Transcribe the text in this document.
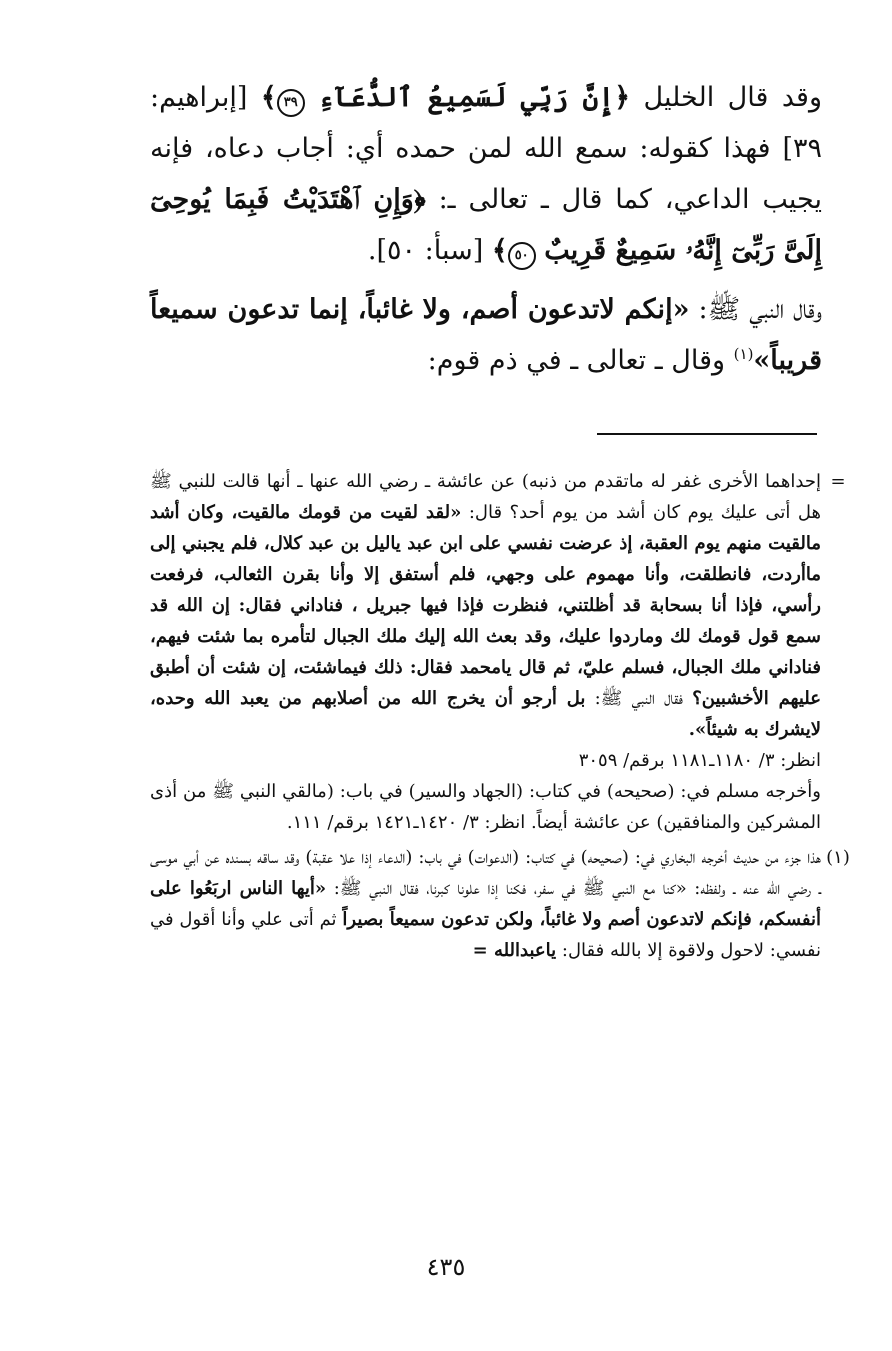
وقد قال الخليل ﴿إِنَّ رَبِّي لَسَمِيعُ ٱلدُّعَآءِ ٣٩﴾ [إبراهيم: ٣٩] فهذا كقوله: سمع الله لمن حمده أي: أجاب دعاه، فإنه يجيب الداعي، كما قال ـ تعالى ـ: ﴿وَإِنِ ٱهْتَدَيْتُ فَبِمَا يُوحِىٓ إِلَىَّ رَبِّىٓ إِنَّهُۥ سَمِيعٌ قَرِيبٌ ٥٠﴾ [سبأ: ٥٠].

وقال النبي ﷺ: «إنكم لاتدعون أصم، ولا غائباً، إنما تدعون سميعاً قريباً»$^{(١)}$ وقال ـ تعالى ـ في ذم قوم:

=

إحداهما الأخرى غفر له ماتقدم من ذنبه) عن عائشة ـ رضي الله عنها ـ أنها قالت للنبي ﷺ هل أتى عليك يوم كان أشد من يوم أحد؟ قال: «لقد لقيت من قومك مالقيت، وكان أشد مالقيت منهم يوم العقبة، إذ عرضت نفسي على ابن عبد ياليل بن عبد كلال، فلم يجبني إلى ماأردت، فانطلقت، وأنا مهموم على وجهي، فلم أستفق إلا وأنا بقرن الثعالب، فرفعت رأسي، فإذا أنا بسحابة قد أظلتني، فنظرت فإذا فيها جبريل ، فناداني فقال: إن الله قد سمع قول قومك لك وماردوا عليك، وقد بعث الله إليك ملك الجبال لتأمره بما شئت فيهم، فناداني ملك الجبال، فسلم عليّ، ثم قال يامحمد فقال: ذلك فيماشئت، إن شئت أن أطبق عليهم الأخشبين؟ فقال النبي ﷺ: بل أرجو أن يخرج الله من أصلابهم من يعبد الله وحده، لايشرك به شيئاً».

انظر: ٣/ ١١٨٠ـ١١٨١ برقم/ ٣٠٥٩

وأخرجه مسلم في: (صحيحه) في كتاب: (الجهاد والسير) في باب: (مالقي النبي ﷺ من أذى المشركين والمنافقين) عن عائشة أيضاً. انظر: ٣/ ١٤٢٠ـ١٤٢١ برقم/ ١١١.

(١)

هذا جزء من حديث أخرجه البخاري في: (صحيحه) في كتاب: (الدعوات) في باب: (الدعاء إذا علا عقبة) وقد ساقه بسنده عن أبي موسى ـ رضي الله عنه ـ ولفظه: «كنا مع النبي ﷺ في سفر، فكنا إذا علونا كبرنا، فقال النبي ﷺ: «أيها الناس اربَعُوا على أنفسكم، فإنكم لاتدعون أصم ولا غائباً، ولكن تدعون سميعاً بصيراً ثم أتى علي وأنا أقول في نفسي: لاحول ولاقوة إلا بالله فقال: ياعبدالله =

٤٣٥
